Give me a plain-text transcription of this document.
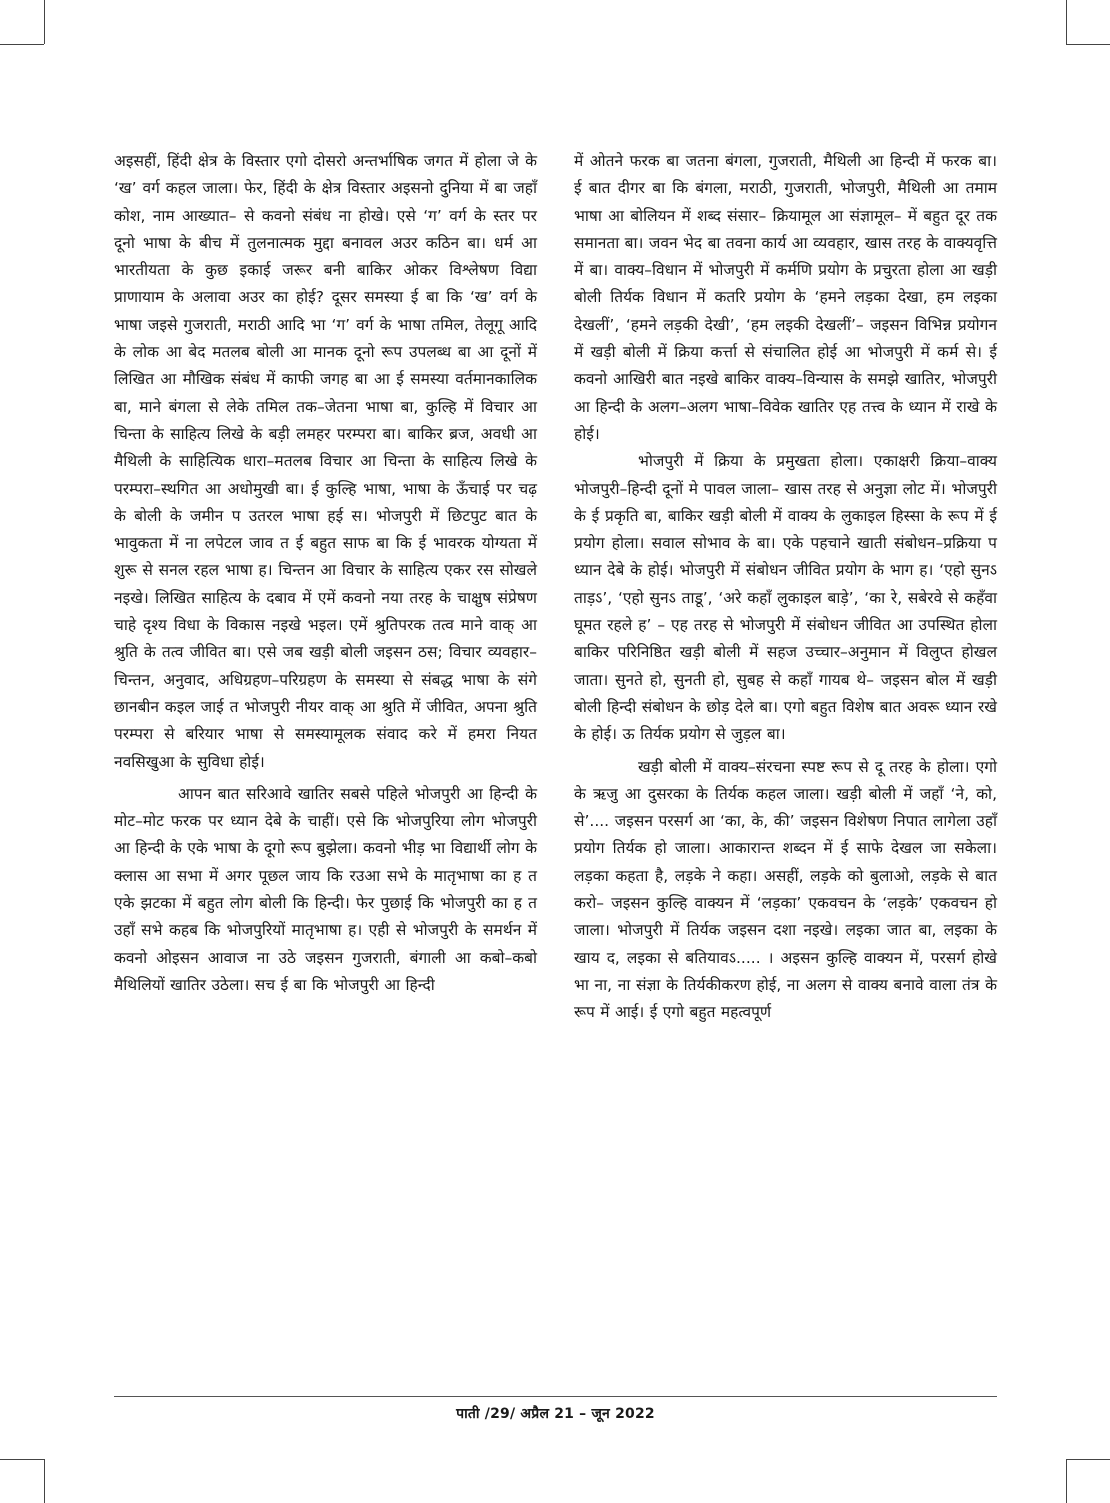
अइसहीं, हिंदी क्षेत्र के विस्तार एगो दोसरो अन्तर्भाषिक जगत में होला जे के ‘ख’ वर्ग कहल जाला। फेर, हिंदी के क्षेत्र विस्तार अइसनो दुनिया में बा जहाँ कोश, नाम आख्यात– से कवनो संबंध ना होखे। एसे ‘ग’ वर्ग के स्तर पर दूनो भाषा के बीच में तुलनात्मक मुद्दा बनावल अउर कठिन बा। धर्म आ भारतीयता के कुछ इकाई जरूर बनी बाकिर ओकर विश्लेषण विद्या प्राणायाम के अलावा अउर का होई? दूसर समस्या ई बा कि ‘ख’ वर्ग के भाषा जइसे गुजराती, मराठी आदि भा ‘ग’ वर्ग के भाषा तमिल, तेलूगू आदि के लोक आ बेद मतलब बोली आ मानक दूनो रूप उपलब्ध बा आ दूनों में लिखित आ मौखिक संबंध में काफी जगह बा आ ई समस्या वर्तमानकालिक बा, माने बंगला से लेके तमिल तक–जेतना भाषा बा, कुल्हि में विचार आ चिन्ता के साहित्य लिखे के बड़ी लमहर परम्परा बा। बाकिर ब्रज, अवधी आ मैथिली के साहित्यिक धारा–मतलब विचार आ चिन्ता के साहित्य लिखे के परम्परा–स्थगित आ अधोमुखी बा। ई कुल्हि भाषा, भाषा के ऊँचाई पर चढ़ के बोली के जमीन प उतरल भाषा हई स। भोजपुरी में छिटपुट बात के भावुकता में ना लपेटल जाव त ई बहुत साफ बा कि ई भावरक योग्यता में शुरू से सनल रहल भाषा ह। चिन्तन आ विचार के साहित्य एकर रस सोखले नइखे। लिखित साहित्य के दबाव में एमें कवनो नया तरह के चाक्षुष संप्रेषण चाहे दृश्य विधा के विकास नइखे भइल। एमें श्रुतिपरक तत्व माने वाक् आ श्रुति के तत्व जीवित बा। एसे जब खड़ी बोली जइसन ठस; विचार व्यवहार–चिन्तन, अनुवाद, अधिग्रहण–परिग्रहण के समस्या से संबद्ध भाषा के संगे छानबीन कइल जाई त भोजपुरी नीयर वाक् आ श्रुति में जीवित, अपना श्रुति परम्परा से बरियार भाषा से समस्यामूलक संवाद करे में हमरा नियत नवसिखुआ के सुविधा होई।

आपन बात सरिआवे खातिर सबसे पहिले भोजपुरी आ हिन्दी के मोट–मोट फरक पर ध्यान देबे के चाहीं। एसे कि भोजपुरिया लोग भोजपुरी आ हिन्दी के एके भाषा के दूगो रूप बुझेला। कवनो भीड़ भा विद्यार्थी लोग के क्लास आ सभा में अगर पूछल जाय कि रउआ सभे के मातृभाषा का ह त एके झटका में बहुत लोग बोली कि हिन्दी। फेर पुछाई कि भोजपुरी का ह त उहाँ सभे कहब कि भोजपुरियों मातृभाषा ह। एही से भोजपुरी के समर्थन में कवनो ओइसन आवाज ना उठे जइसन गुजराती, बंगाली आ कबो–कबो मैथिलियों खातिर उठेला। सच ई बा कि भोजपुरी आ हिन्दी

में ओतने फरक बा जतना बंगला, गुजराती, मैथिली आ हिन्दी में फरक बा। ई बात दीगर बा कि बंगला, मराठी, गुजराती, भोजपुरी, मैथिली आ तमाम भाषा आ बोलियन में शब्द संसार– क्रियामूल आ संज्ञामूल– में बहुत दूर तक समानता बा। जवन भेद बा तवना कार्य आ व्यवहार, खास तरह के वाक्यवृत्ति में बा। वाक्य–विधान में भोजपुरी में कर्मणि प्रयोग के प्रचुरता होला आ खड़ी बोली तिर्यक विधान में कतरि प्रयोग के ‘हमने लड़का देखा, हम लइका देखलीं’, ‘हमने लड़की देखी’, ‘हम लइकी देखलीं’– जइसन विभिन्न प्रयोगन में खड़ी बोली में क्रिया कर्त्ता से संचालित होई आ भोजपुरी में कर्म से। ई कवनो आखिरी बात नइखे बाकिर वाक्य–विन्यास के समझे खातिर, भोजपुरी आ हिन्दी के अलग–अलग भाषा–विवेक खातिर एह तत्त्व के ध्यान में राखे के होई।

भोजपुरी में क्रिया के प्रमुखता होला। एकाक्षरी क्रिया–वाक्य भोजपुरी–हिन्दी दूनों मे पावल जाला– खास तरह से अनुज्ञा लोट में। भोजपुरी के ई प्रकृति बा, बाकिर खड़ी बोली में वाक्य के लुकाइल हिस्सा के रूप में ई प्रयोग होला। सवाल सोभाव के बा। एके पहचाने खाती संबोधन–प्रक्रिया प ध्यान देबे के होई। भोजपुरी में संबोधन जीवित प्रयोग के भाग ह। ‘एहो सुनऽ ताड़ऽ’, ‘एहो सुनऽ ताडू’, ‘अरे कहाँ लुकाइल बाड़े’, ‘का रे, सबेरवे से कहँवा घूमत रहले ह’ – एह तरह से भोजपुरी में संबोधन जीवित आ उपस्थित होला बाकिर परिनिष्ठित खड़ी बोली में सहज उच्चार–अनुमान में विलुप्त होखल जाता। सुनते हो, सुनती हो, सुबह से कहाँ गायब थे– जइसन बोल में खड़ी बोली हिन्दी संबोधन के छोड़ देले बा। एगो बहुत विशेष बात अवरू ध्यान रखे के होई। ऊ तिर्यक प्रयोग से जुड़ल बा।

खड़ी बोली में वाक्य–संरचना स्पष्ट रूप से दू तरह के होला। एगो के ऋजु आ दुसरका के तिर्यक कहल जाला। खड़ी बोली में जहाँ ‘ने, को, से’.... जइसन परसर्ग आ ‘का, के, की’ जइसन विशेषण निपात लागेला उहाँ प्रयोग तिर्यक हो जाला। आकारान्त शब्दन में ई साफे देखल जा सकेला। लड़का कहता है, लड़के ने कहा। असहीं, लड़के को बुलाओ, लड़के से बात करो– जइसन कुल्हि वाक्यन में ‘लड़का’ एकवचन के ‘लड़के’ एकवचन हो जाला। भोजपुरी में तिर्यक जइसन दशा नइखे। लइका जात बा, लइका के खाय द, लइका से बतियावऽ..... । अइसन कुल्हि वाक्यन में, परसर्ग होखे भा ना, ना संज्ञा के तिर्यकीकरण होई, ना अलग से वाक्य बनावे वाला तंत्र के रूप में आई। ई एगो बहुत महत्वपूर्ण

पाती /29/ अप्रैल 21 – जून 2022
